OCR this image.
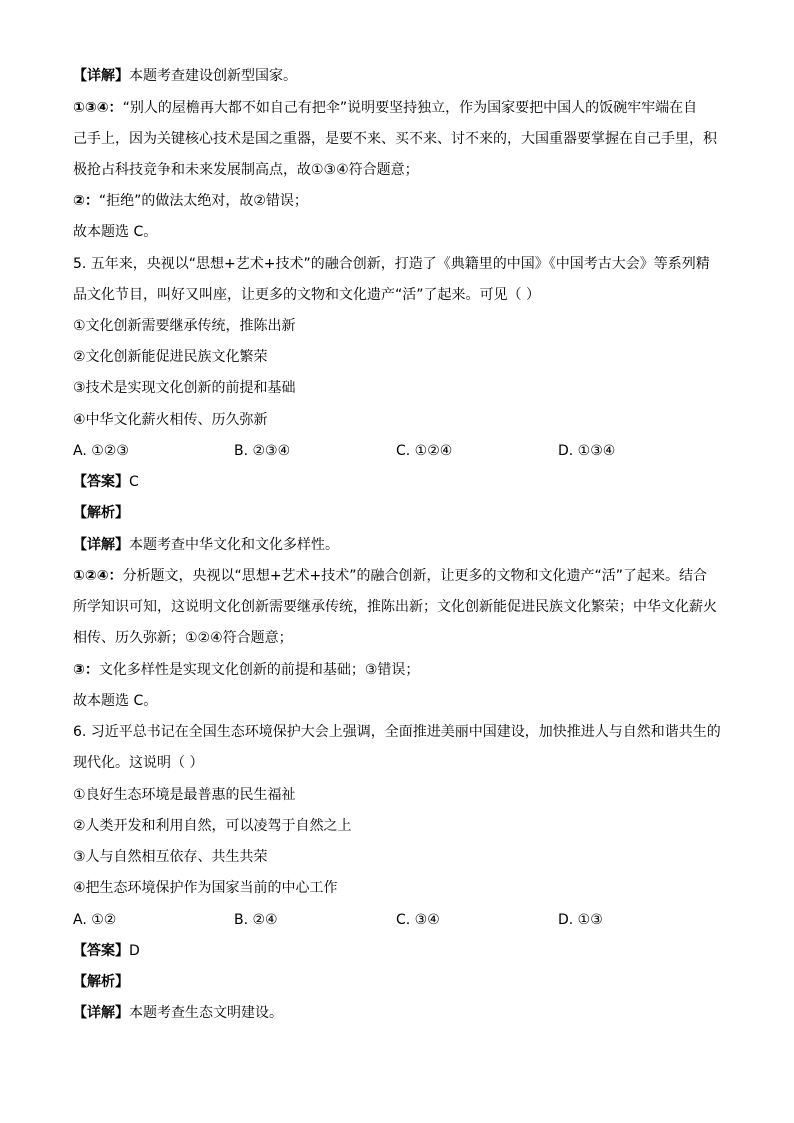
【详解】本题考查建设创新型国家。
①③④：“别人的屋檐再大都不如自己有把伞”说明要坚持独立，作为国家要把中国人的饭碗牢牢端在自
己手上，因为关键核心技术是国之重器，是要不来、买不来、讨不来的，大国重器要掌握在自己手里，积
极抢占科技竞争和未来发展制高点，故①③④符合题意；
②：“拒绝”的做法太绝对，故②错误；
故本题选 C。
5. 五年来，央视以“思想+艺术+技术”的融合创新，打造了《典籍里的中国》《中国考古大会》等系列精
品文化节目，叫好又叫座，让更多的文物和文化遗产“活”了起来。可见（ ）
①文化创新需要继承传统，推陈出新
②文化创新能促进民族文化繁荣
③技术是实现文化创新的前提和基础
④中华文化薪火相传、历久弥新
A. ①②③	B. ②③④	C. ①②④	D. ①③④
【答案】C
【解析】
【详解】本题考查中华文化和文化多样性。
①②④：分析题文，央视以“思想+艺术+技术”的融合创新，让更多的文物和文化遗产“活”了起来。结合
所学知识可知，这说明文化创新需要继承传统，推陈出新；文化创新能促进民族文化繁荣；中华文化薪火
相传、历久弥新；①②④符合题意；
③：文化多样性是实现文化创新的前提和基础；③错误；
故本题选 C。
6. 习近平总书记在全国生态环境保护大会上强调，全面推进美丽中国建设，加快推进人与自然和谐共生的
现代化。这说明（ ）
①良好生态环境是最普惠的民生福祉
②人类开发和利用自然，可以凌驾于自然之上
③人与自然相互依存、共生共荣
④把生态环境保护作为国家当前的中心工作
A. ①②	B. ②④	C. ③④	D. ①③
【答案】D
【解析】
【详解】本题考查生态文明建设。
